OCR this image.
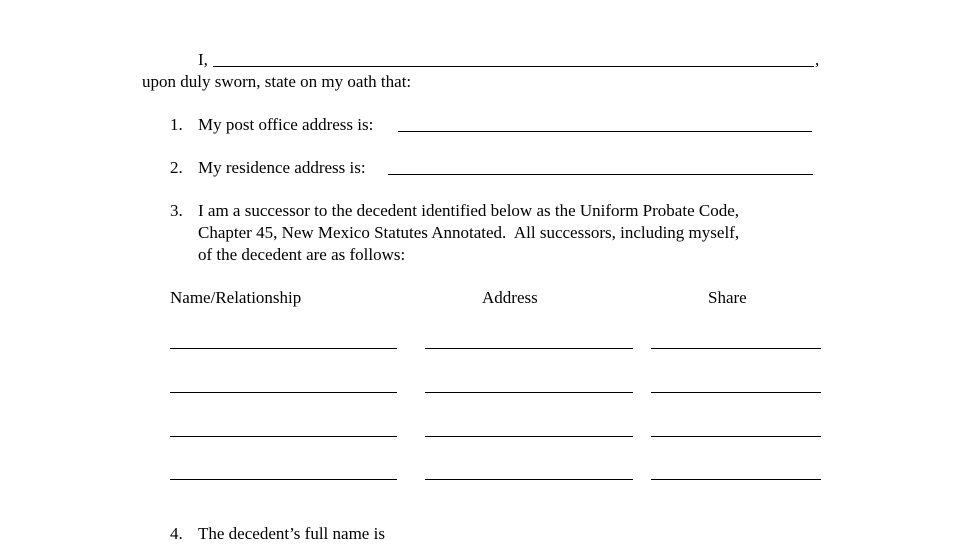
I,	,
upon duly sworn, state on my oath that:
1. My post office address is:
2. My residence address is:
3. I am a successor to the decedent identified below as the Uniform Probate Code,
Chapter 45, New Mexico Statutes Annotated.  All successors, including myself,
of the decedent are as follows:
Name/Relationship	Address	Share
4. The decedent’s full name is
